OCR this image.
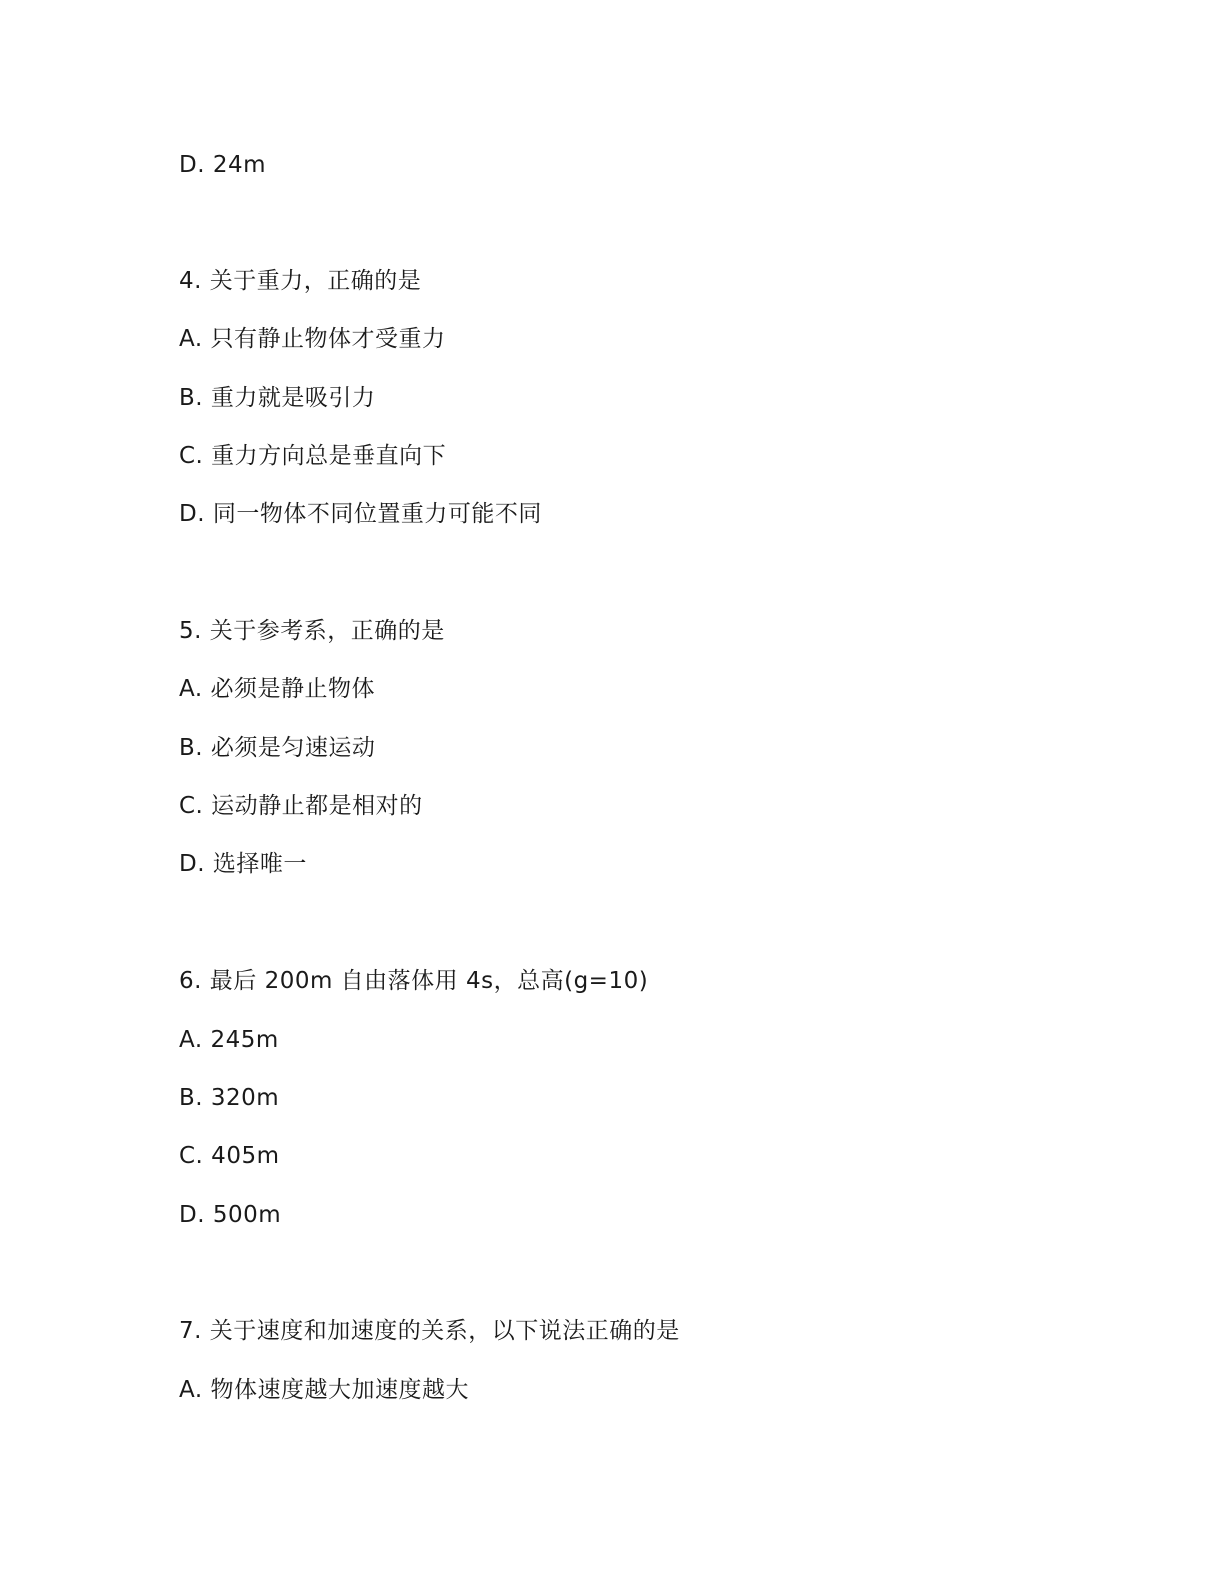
D. 24m
4. 关于重力，正确的是
A. 只有静止物体才受重力
B. 重力就是吸引力
C. 重力方向总是垂直向下
D. 同一物体不同位置重力可能不同
5. 关于参考系，正确的是
A. 必须是静止物体
B. 必须是匀速运动
C. 运动静止都是相对的
D. 选择唯一
6. 最后 200m 自由落体用 4s，总高(g=10)
A. 245m
B. 320m
C. 405m
D. 500m
7. 关于速度和加速度的关系，以下说法正确的是
A. 物体速度越大加速度越大
